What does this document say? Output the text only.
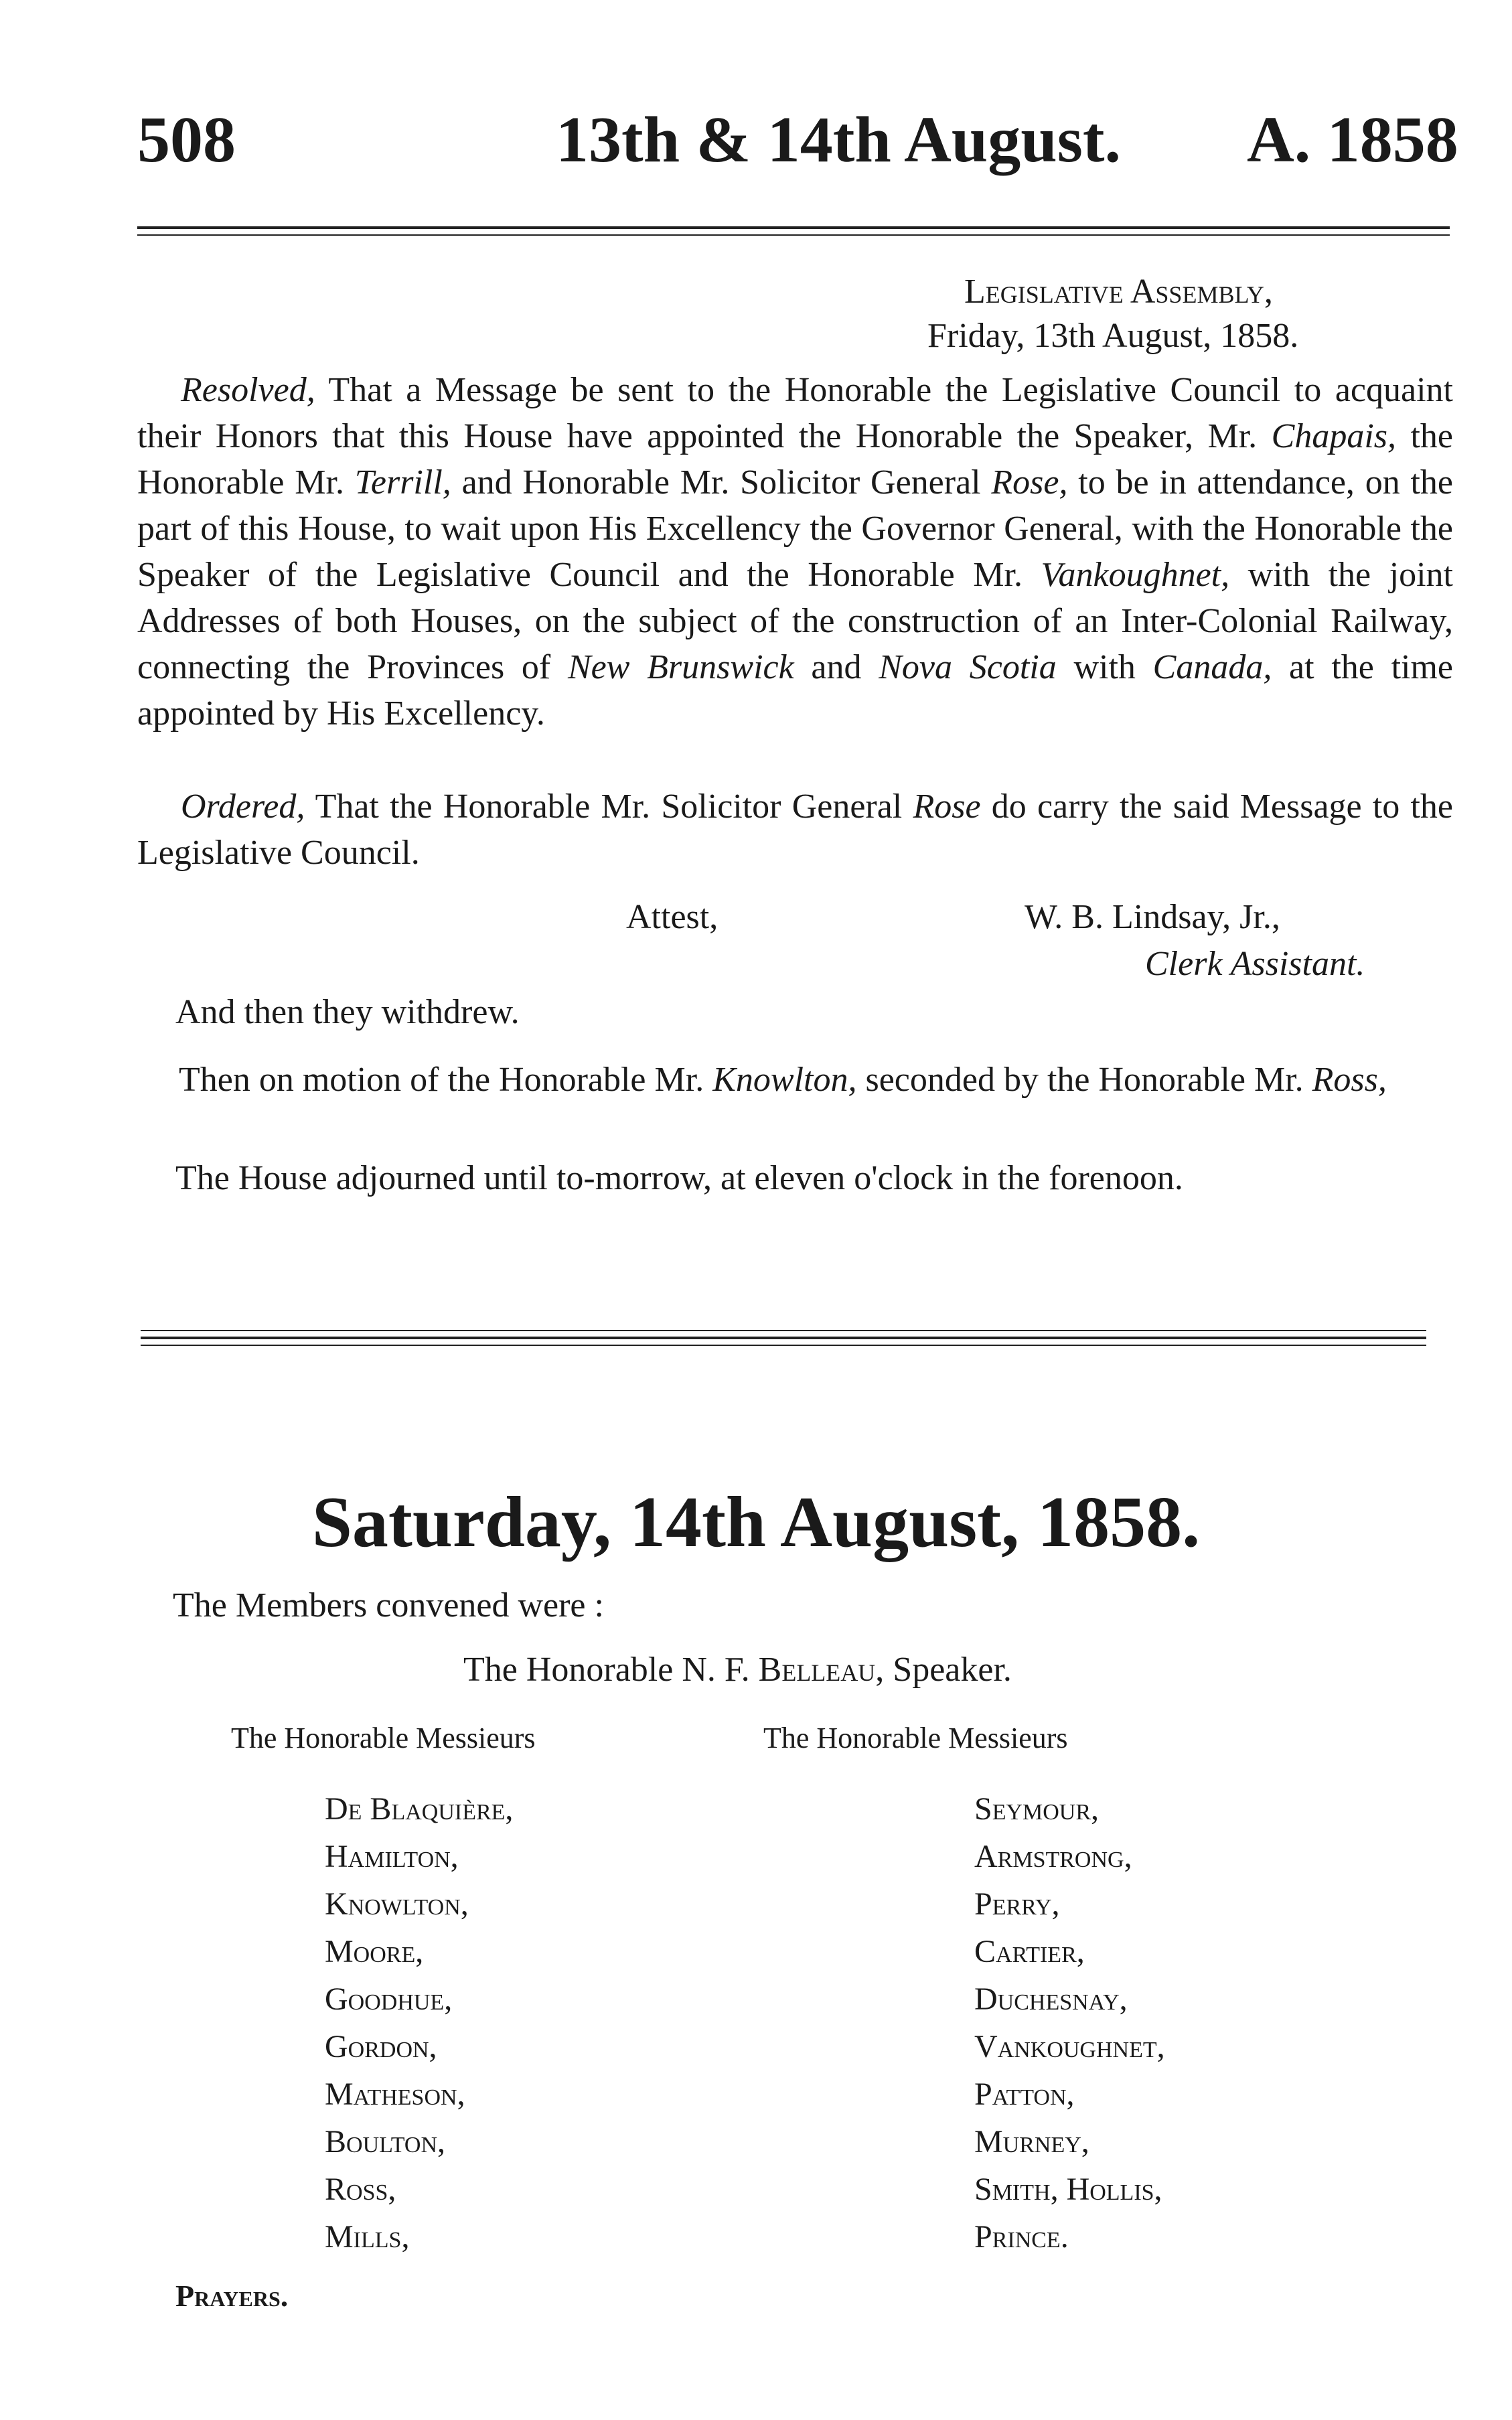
508	13th & 14th August. A. 1858
Legislative Assembly,
Friday, 13th August, 1858.

Resolved, That a Message be sent to the Honorable the Legislative Council to acquaint their Honors that this House have appointed the Honorable the Speaker, Mr. Chapais, the Honorable Mr. Terrill, and Honorable Mr. Solicitor General Rose, to be in attendance, on the part of this House, to wait upon His Excellency the Governor General, with the Honorable the Speaker of the Legislative Council and the Honorable Mr. Vankoughnet, with the joint Addresses of both Houses, on the subject of the construction of an Inter-Colonial Railway, connecting the Provinces of New Brunswick and Nova Scotia with Canada, at the time appointed by His Excellency.

Ordered, That the Honorable Mr. Solicitor General Rose do carry the said Message to the Legislative Council.

Attest,	W. B. Lindsay, Jr.,
Clerk Assistant.
And then they withdrew.

Then on motion of the Honorable Mr. Knowlton, seconded by the Honorable Mr. Ross,

The House adjourned until to-morrow, at eleven o'clock in the forenoon.
Saturday, 14th August, 1858.
The Members convened were :
The Honorable N. F. Belleau, Speaker.
The Honorable Messieurs	The Honorable Messieurs
De Blaquière,
Hamilton,
Knowlton,
Moore,
Goodhue,
Gordon,
Matheson,
Boulton,
Ross,
Mills,
Seymour,
Armstrong,
Perry,
Cartier,
Duchesnay,
Vankoughnet,
Patton,
Murney,
Smith, Hollis,
Prince.
Prayers.
